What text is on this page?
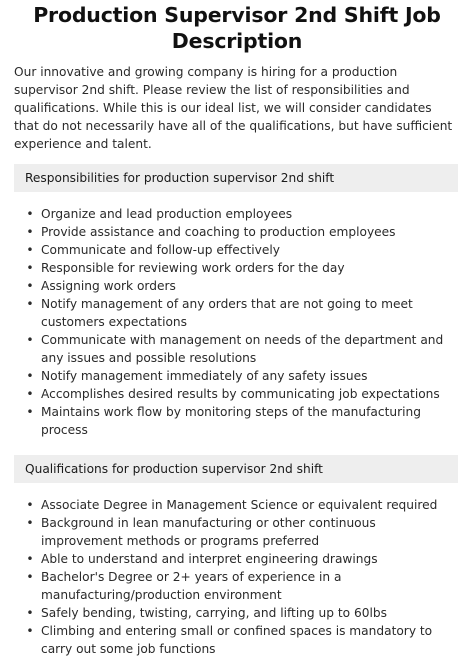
Production Supervisor 2nd Shift Job Description

Our innovative and growing company is hiring for a production supervisor 2nd shift. Please review the list of responsibilities and qualifications. While this is our ideal list, we will consider candidates that do not necessarily have all of the qualifications, but have sufficient experience and talent.

Responsibilities for production supervisor 2nd shift
• Organize and lead production employees
• Provide assistance and coaching to production employees
• Communicate and follow-up effectively
• Responsible for reviewing work orders for the day
• Assigning work orders
• Notify management of any orders that are not going to meet customers expectations
• Communicate with management on needs of the department and any issues and possible resolutions
• Notify management immediately of any safety issues
• Accomplishes desired results by communicating job expectations
• Maintains work flow by monitoring steps of the manufacturing process
Qualifications for production supervisor 2nd shift
• Associate Degree in Management Science or equivalent required
• Background in lean manufacturing or other continuous improvement methods or programs preferred
• Able to understand and interpret engineering drawings
• Bachelor's Degree or 2+ years of experience in a manufacturing/production environment
• Safely bending, twisting, carrying, and lifting up to 60lbs
• Climbing and entering small or confined spaces is mandatory to carry out some job functions
